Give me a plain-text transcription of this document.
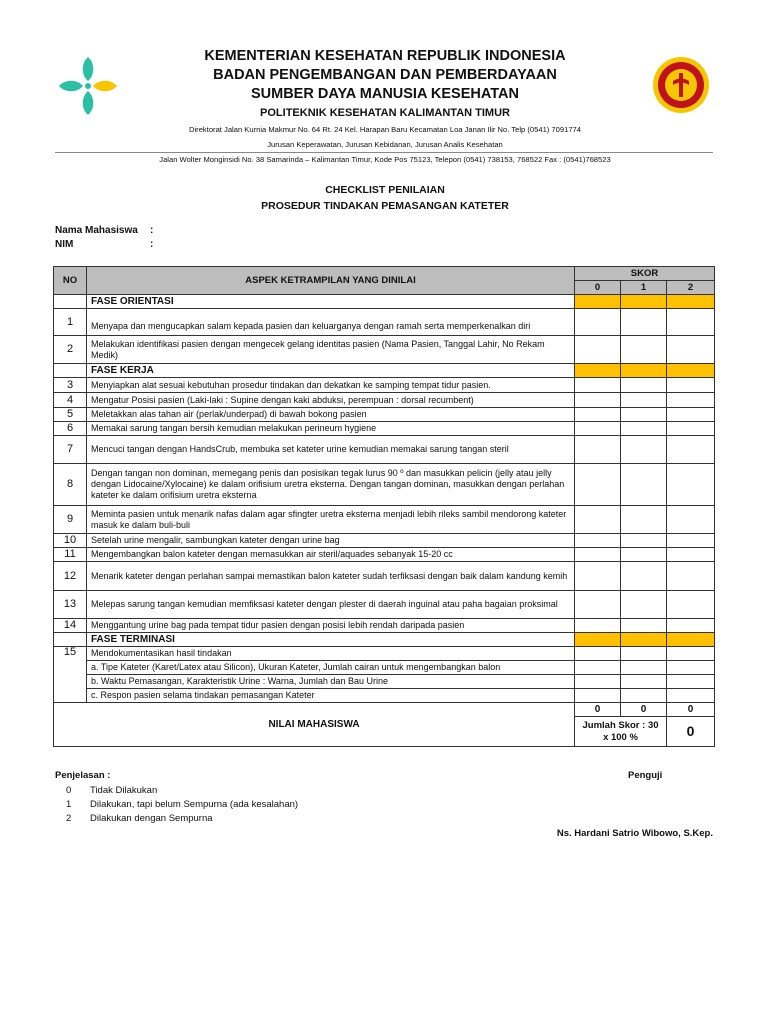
KEMENTERIAN KESEHATAN REPUBLIK INDONESIA
BADAN PENGEMBANGAN DAN PEMBERDAYAAN
SUMBER DAYA MANUSIA KESEHATAN
POLITEKNIK KESEHATAN KALIMANTAN TIMUR
Direktorat Jalan Kurnia Makmur No. 64 Rt. 24 Kel. Harapan Baru Kecamatan Loa Janan Ilir No. Telp (0541) 7091774
Jurusan Keperawatan, Jurusan Kebidanan, Jurusan Analis Kesehatan
Jalan Wolter Monginsidi No. 38 Samarinda – Kalimantan Timur, Kode Pos 75123, Telepon (0541) 738153, 768522 Fax : (0541)768523
CHECKLIST PENILAIAN
PROSEDUR TINDAKAN PEMASANGAN KATETER
Nama Mahasiswa :
NIM	:
NO	ASPEK KETRAMPILAN YANG DINILAI	SKOR		
		0	1	2
	FASE ORIENTASI			
1	Menyapa dan mengucapkan salam kepada pasien dan keluarganya dengan ramah serta memperkenalkan diri			
2	Melakukan identifikasi pasien dengan mengecek gelang identitas pasien (Nama Pasien, Tanggal Lahir, No Rekam Medik)			
	FASE KERJA			
3	Menyiapkan alat sesuai kebutuhan prosedur tindakan dan dekatkan ke samping tempat tidur pasien.			
4	Mengatur Posisi pasien (Laki-laki : Supine dengan kaki abduksi, perempuan : dorsal recumbent)			
5	Meletakkan alas tahan air (perlak/underpad) di bawah bokong pasien			
6	Memakai sarung tangan bersih kemudian melakukan perineum hygiene			
7	Mencuci tangan dengan HandsCrub, membuka set kateter urine kemudian memakai sarung tangan steril			
8	Dengan tangan non dominan, memegang penis dan posisikan tegak lurus 90 º dan masukkan pelicin (jelly atau jelly dengan Lidocaine/Xylocaine) ke dalam orifisium uretra eksterna. Dengan tangan dominan, masukkan dengan perlahan kateter ke dalam orifisium uretra eksterna			
9	Meminta pasien untuk menarik nafas dalam agar sfingter uretra eksterna menjadi lebih rileks sambil mendorong kateter masuk ke dalam buli-buli			
10	Setelah urine mengalir, sambungkan kateter dengan urine bag			
11	Mengembangkan balon kateter dengan memasukkan air steril/aquades sebanyak 15-20 cc			
12	Menarik kateter dengan perlahan sampai memastikan balon kateter sudah terfiksasi dengan baik dalam kandung kemih			
13	Melepas sarung tangan kemudian memfiksasi kateter dengan plester di daerah inguinal atau paha bagaian proksimal			
14	Menggantung urine bag pada tempat tidur pasien dengan posisi lebih rendah daripada pasien			
	FASE TERMINASI			
15	Mendokumentasikan hasil tindakan			
	a. Tipe Kateter (Karet/Latex atau Silicon), Ukuran Kateter, Jumlah cairan untuk mengembangkan balon			
	b. Waktu Pemasangan, Karakteristik Urine : Warna, Jumlah dan Bau Urine			
	c. Respon pasien selama tindakan pemasangan Kateter			
NILAI MAHASISWA		0	0	0
		Jumlah Skor : 30 x 100 %		0
Penjelasan :	Penguji
0 Tidak Dilakukan
1 Dilakukan, tapi belum Sempurna (ada kesalahan)
2 Dilakukan dengan Sempurna
Ns. Hardani Satrio Wibowo, S.Kep.
